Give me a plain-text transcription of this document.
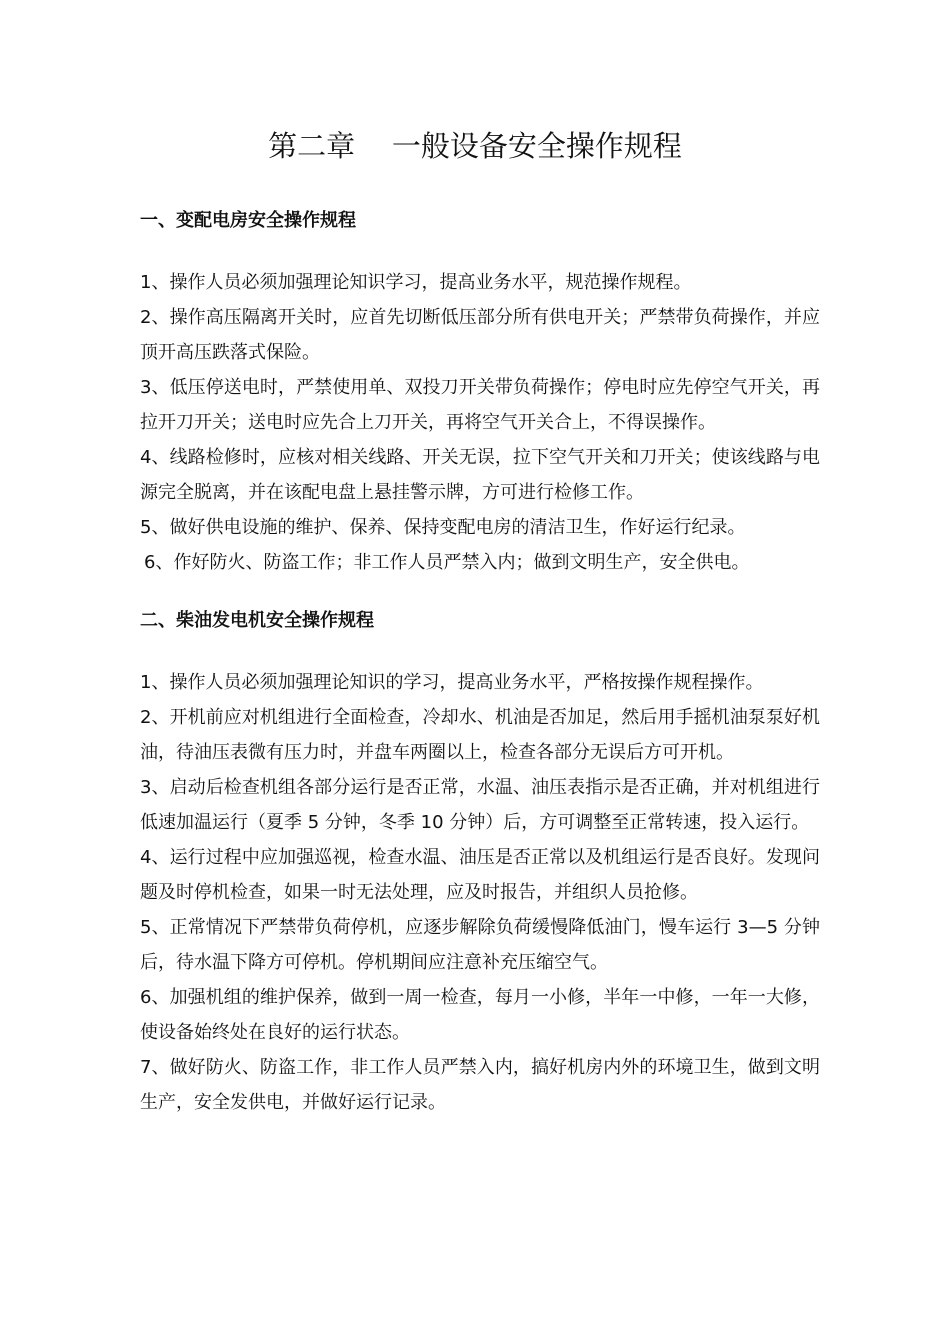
第二章    一般设备安全操作规程

一、变配电房安全操作规程

1、操作人员必须加强理论知识学习，提高业务水平，规范操作规程。

2、操作高压隔离开关时，应首先切断低压部分所有供电开关；严禁带负荷操作，并应顶开高压跌落式保险。

3、低压停送电时，严禁使用单、双投刀开关带负荷操作；停电时应先停空气开关，再拉开刀开关；送电时应先合上刀开关，再将空气开关合上，不得误操作。

4、线路检修时，应核对相关线路、开关无误，拉下空气开关和刀开关；使该线路与电源完全脱离，并在该配电盘上悬挂警示牌，方可进行检修工作。

5、做好供电设施的维护、保养、保持变配电房的清洁卫生，作好运行纪录。

6、作好防火、防盗工作；非工作人员严禁入内；做到文明生产，安全供电。

二、柴油发电机安全操作规程

1、操作人员必须加强理论知识的学习，提高业务水平，严格按操作规程操作。

2、开机前应对机组进行全面检查，冷却水、机油是否加足，然后用手摇机油泵泵好机油，待油压表微有压力时，并盘车两圈以上，检查各部分无误后方可开机。

3、启动后检查机组各部分运行是否正常，水温、油压表指示是否正确，并对机组进行低速加温运行（夏季 5 分钟，冬季 10 分钟）后，方可调整至正常转速，投入运行。

4、运行过程中应加强巡视，检查水温、油压是否正常以及机组运行是否良好。发现问题及时停机检查，如果一时无法处理，应及时报告，并组织人员抢修。

5、正常情况下严禁带负荷停机，应逐步解除负荷缓慢降低油门，慢车运行 3—5 分钟后，待水温下降方可停机。停机期间应注意补充压缩空气。

6、加强机组的维护保养，做到一周一检查，每月一小修，半年一中修，一年一大修，使设备始终处在良好的运行状态。

7、做好防火、防盗工作，非工作人员严禁入内，搞好机房内外的环境卫生，做到文明生产，安全发供电，并做好运行记录。
